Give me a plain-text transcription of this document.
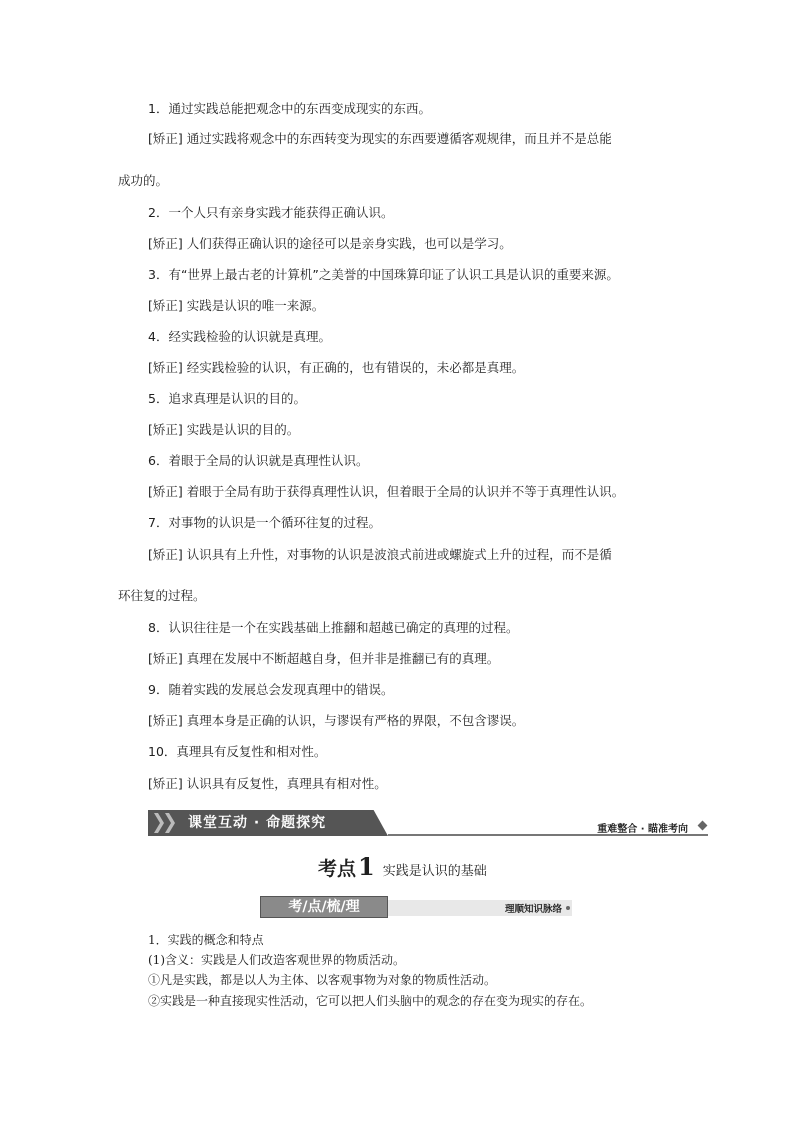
1．通过实践总能把观念中的东西变成现实的东西。
[矫正] 通过实践将观念中的东西转变为现实的东西要遵循客观规律，而且并不是总能
成功的。
2．一个人只有亲身实践才能获得正确认识。
[矫正] 人们获得正确认识的途径可以是亲身实践，也可以是学习。
3．有“世界上最古老的计算机”之美誉的中国珠算印证了认识工具是认识的重要来源。
[矫正] 实践是认识的唯一来源。
4．经实践检验的认识就是真理。
[矫正] 经实践检验的认识，有正确的，也有错误的，未必都是真理。
5．追求真理是认识的目的。
[矫正] 实践是认识的目的。
6．着眼于全局的认识就是真理性认识。
[矫正] 着眼于全局有助于获得真理性认识，但着眼于全局的认识并不等于真理性认识。
7．对事物的认识是一个循环往复的过程。
[矫正] 认识具有上升性，对事物的认识是波浪式前进或螺旋式上升的过程，而不是循
环往复的过程。
8．认识往往是一个在实践基础上推翻和超越已确定的真理的过程。
[矫正] 真理在发展中不断超越自身，但并非是推翻已有的真理。
9．随着实践的发展总会发现真理中的错误。
[矫正] 真理本身是正确的认识，与谬误有严格的界限，不包含谬误。
10．真理具有反复性和相对性。
[矫正] 认识具有反复性，真理具有相对性。
课堂互动 · 命题探究	重难整合 · 瞄准考向
考点1 实践是认识的基础
考/点/梳/理	理顺知识脉络
1．实践的概念和特点
(1)含义：实践是人们改造客观世界的物质活动。
①凡是实践，都是以人为主体、以客观事物为对象的物质性活动。
②实践是一种直接现实性活动，它可以把人们头脑中的观念的存在变为现实的存在。
